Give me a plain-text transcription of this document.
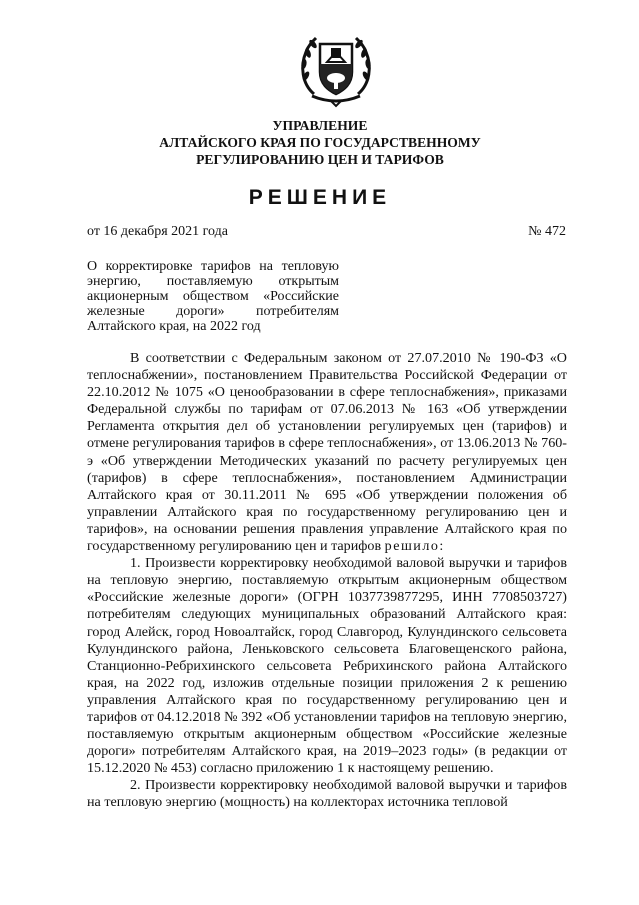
УПРАВЛЕНИЕ
АЛТАЙСКОГО КРАЯ ПО ГОСУДАРСТВЕННОМУ
РЕГУЛИРОВАНИЮ ЦЕН И ТАРИФОВ
РЕШЕНИЕ
от 16 декабря 2021 года	№ 472
О корректировке тарифов на тепловую энергию, поставляемую открытым акционерным обществом «Российские железные дороги» потребителям Алтайского края, на 2022 год

В соответствии с Федеральным законом от 27.07.2010 № 190-ФЗ «О теплоснабжении», постановлением Правительства Российской Федерации от 22.10.2012 № 1075 «О ценообразовании в сфере теплоснабжения», приказами Федеральной службы по тарифам от 07.06.2013 № 163 «Об утверждении Регламента открытия дел об установлении регулируемых цен (тарифов) и отмене регулирования тарифов в сфере теплоснабжения», от 13.06.2013 № 760-э «Об утверждении Методических указаний по расчету регулируемых цен (тарифов) в сфере теплоснабжения», постановлением Администрации Алтайского края от 30.11.2011 № 695 «Об утверждении положения об управлении Алтайского края по государственному регулированию цен и тарифов», на основании решения правления управление Алтайского края по государственному регулированию цен и тарифов решило:

1. Произвести корректировку необходимой валовой выручки и тарифов на тепловую энергию, поставляемую открытым акционерным обществом «Российские железные дороги» (ОГРН 1037739877295, ИНН 7708503727) потребителям следующих муниципальных образований Алтайского края: город Алейск, город Новоалтайск, город Славгород, Кулундинского сельсовета Кулундинского района, Леньковского сельсовета Благовещенского района, Станционно-Ребрихинского сельсовета Ребрихинского района Алтайского края, на 2022 год, изложив отдельные позиции приложения 2 к решению управления Алтайского края по государственному регулированию цен и тарифов от 04.12.2018 № 392 «Об установлении тарифов на тепловую энергию, поставляемую открытым акционерным обществом «Российские железные дороги» потребителям Алтайского края, на 2019–2023 годы» (в редакции от 15.12.2020 № 453) согласно приложению 1 к настоящему решению.

2. Произвести корректировку необходимой валовой выручки и тарифов на тепловую энергию (мощность) на коллекторах источника тепловой
